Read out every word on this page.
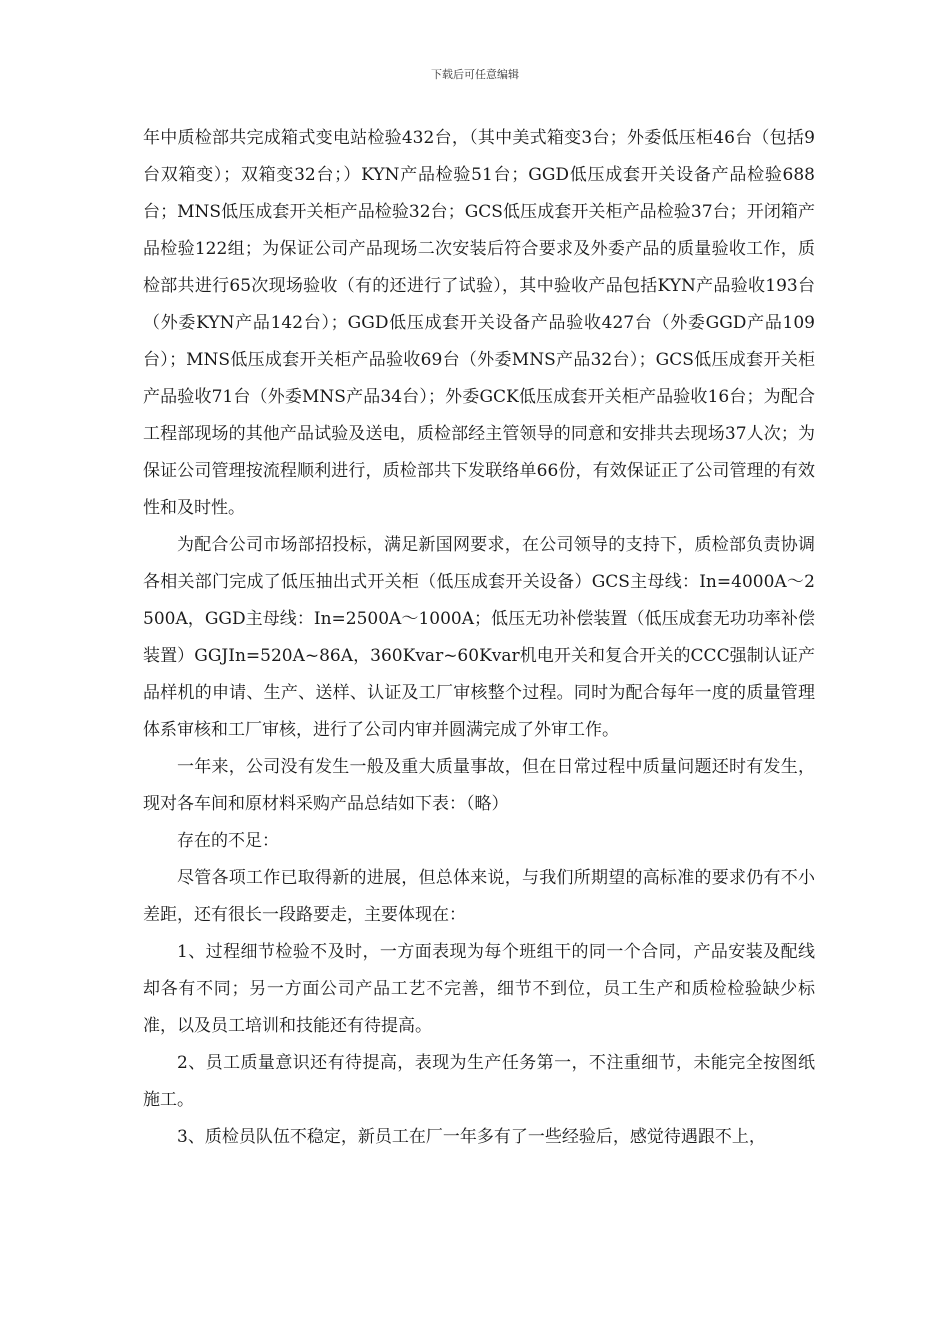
下载后可任意编辑

年中质检部共完成箱式变电站检验432台，（其中美式箱变3台；外委低压柜46台（包括9台双箱变）；双箱变32台；）KYN产品检验51台；GGD低压成套开关设备产品检验688台；MNS低压成套开关柜产品检验32台；GCS低压成套开关柜产品检验37台；开闭箱产品检验122组；为保证公司产品现场二次安装后符合要求及外委产品的质量验收工作，质检部共进行65次现场验收（有的还进行了试验），其中验收产品包括KYN产品验收193台（外委KYN产品142台）；GGD低压成套开关设备产品验收427台（外委GGD产品109台）；MNS低压成套开关柜产品验收69台（外委MNS产品32台）；GCS低压成套开关柜产品验收71台（外委MNS产品34台）；外委GCK低压成套开关柜产品验收16台；为配合工程部现场的其他产品试验及送电，质检部经主管领导的同意和安排共去现场37人次；为保证公司管理按流程顺利进行，质检部共下发联络单66份，有效保证正了公司管理的有效性和及时性。

为配合公司市场部招投标，满足新国网要求，在公司领导的支持下，质检部负责协调各相关部门完成了低压抽出式开关柜（低压成套开关设备）GCS主母线：In=4000A～2500A，GGD主母线：In=2500A～1000A；低压无功补偿装置（低压成套无功功率补偿装置）GGJIn=520A~86A，360Kvar~60Kvar机电开关和复合开关的CCC强制认证产品样机的申请、生产、送样、认证及工厂审核整个过程。同时为配合每年一度的质量管理体系审核和工厂审核，进行了公司内审并圆满完成了外审工作。

一年来，公司没有发生一般及重大质量事故，但在日常过程中质量问题还时有发生，现对各车间和原材料采购产品总结如下表：（略）

存在的不足：

尽管各项工作已取得新的进展，但总体来说，与我们所期望的高标准的要求仍有不小差距，还有很长一段路要走，主要体现在：

1、过程细节检验不及时，一方面表现为每个班组干的同一个合同，产品安装及配线却各有不同；另一方面公司产品工艺不完善，细节不到位，员工生产和质检检验缺少标准，以及员工培训和技能还有待提高。

2、员工质量意识还有待提高，表现为生产任务第一，不注重细节，未能完全按图纸施工。

3、质检员队伍不稳定，新员工在厂一年多有了一些经验后，感觉待遇跟不上，
